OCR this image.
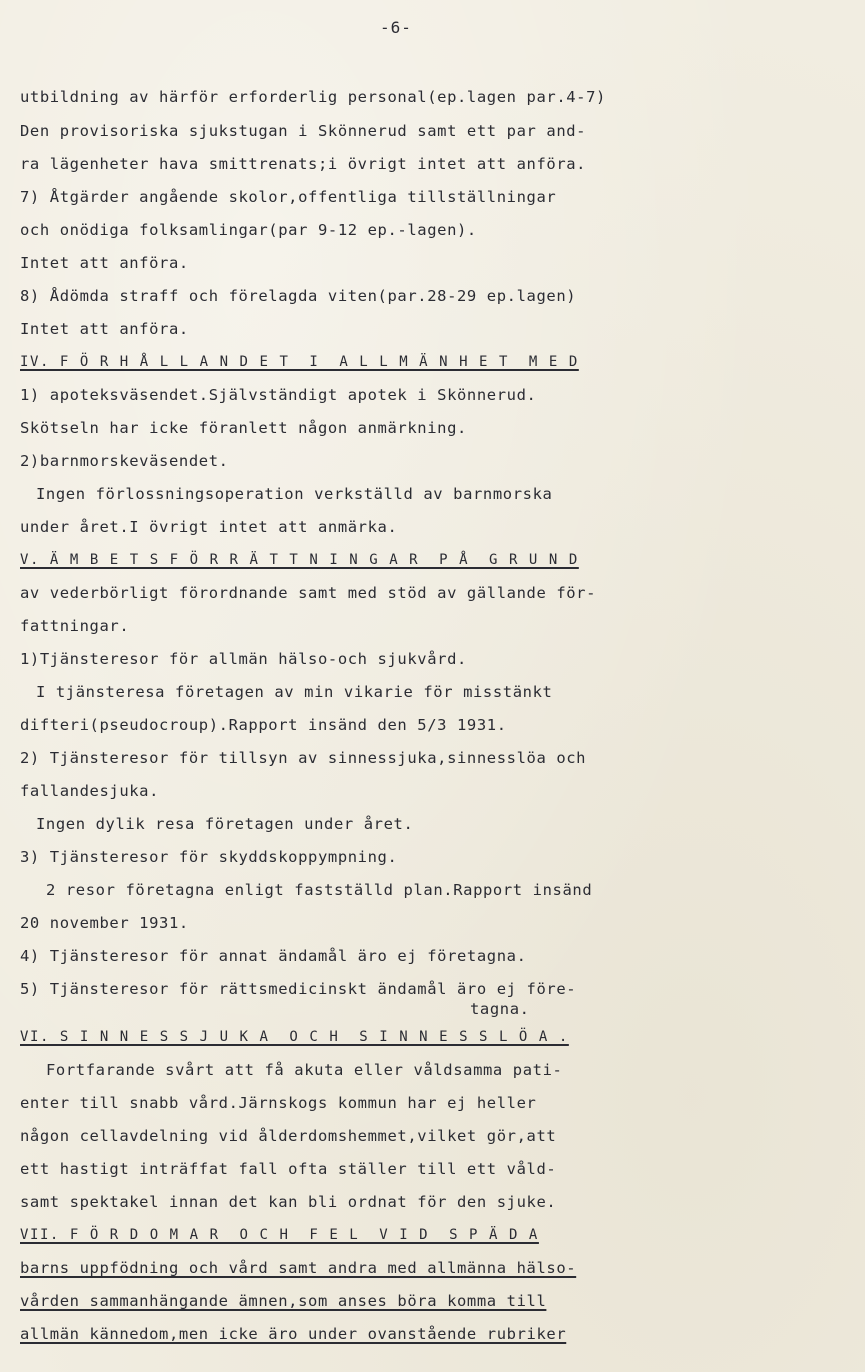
-6-
utbildning av härför erforderlig personal(ep.lagen par.4-7)
Den provisoriska sjukstugan i Skönnerud samt ett par and-
ra lägenheter hava smittrenats;i övrigt intet att anföra.
7) Åtgärder angående skolor,offentliga tillställningar
och onödiga folksamlingar(par 9-12 ep.-lagen).
Intet att anföra.
8) Ådömda straff och förelagda viten(par.28-29 ep.lagen)
Intet att anföra.
IV. F Ö R H Å L L A N D E T  I  A L L M Ä N H E T  M E D
1) apoteksväsendet.Självständigt apotek i Skönnerud.
Skötseln har icke föranlett någon anmärkning.
2)barnmorskeväsendet.
Ingen förlossningsoperation verkställd av barnmorska
under året.I övrigt intet att anmärka.
V. Ä M B E T S F Ö R R Ä T T N I N G A R  P Å  G R U N D
av vederbörligt förordnande samt med stöd av gällande för-
fattningar.
1)Tjänsteresor för allmän hälso-och sjukvård.
I tjänsteresa företagen av min vikarie för misstänkt
difteri(pseudocroup).Rapport insänd den 5/3 1931.
2) Tjänsteresor för tillsyn av sinnessjuka,sinnesslöa och
fallandesjuka.
Ingen dylik resa företagen under året.
3) Tjänsteresor för skyddskoppympning.
2 resor företagna enligt fastställd plan.Rapport insänd
20 november 1931.
4) Tjänsteresor för annat ändamål äro ej företagna.
5) Tjänsteresor för rättsmedicinskt ändamål äro ej före-
tagna.
VI. S I N N E S S J U K A  O C H  S I N N E S S L Ö A .
Fortfarande svårt att få akuta eller våldsamma pati-
enter till snabb vård.Järnskogs kommun har ej heller
någon cellavdelning vid ålderdomshemmet,vilket gör,att
ett hastigt inträffat fall ofta ställer till ett våld-
samt spektakel innan det kan bli ordnat för den sjuke.
VII. F Ö R D O M A R  O C H  F E L  V I D  S P Ä D A
barns uppfödning och vård samt andra med allmänna hälso-
vården sammanhängande ämnen,som anses böra komma till
allmän kännedom,men icke äro under ovanstående rubriker
